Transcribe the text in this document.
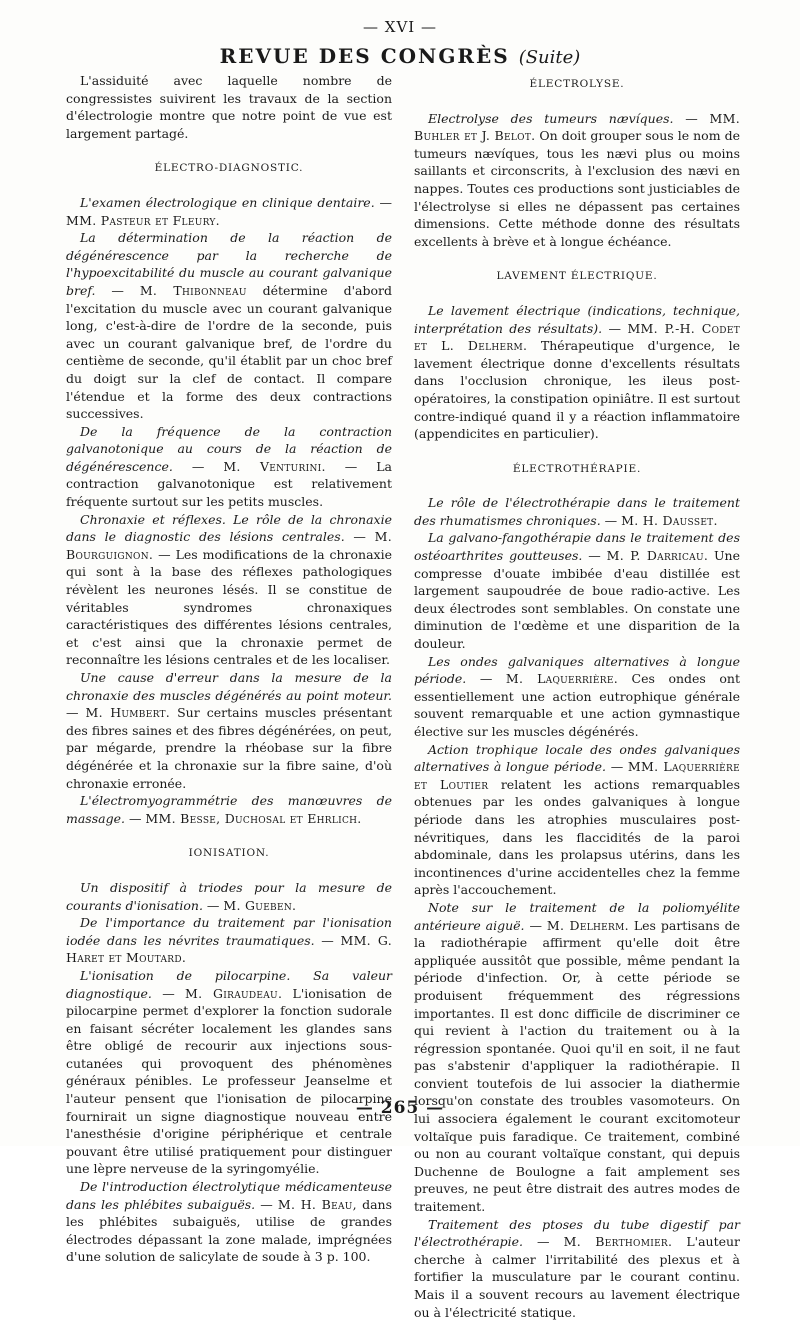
— XVI —
REVUE DES CONGRÈS (Suite)

L'assiduité avec laquelle nombre de congressistes suivirent les travaux de la section d'électrologie montre que notre point de vue est largement partagé.

ÉLECTRO-DIAGNOSTIC.

L'examen électrologique en clinique dentaire. — MM. Pasteur et Fleury.

La détermination de la réaction de dégénérescence par la recherche de l'hypoexcitabilité du muscle au courant galvanique bref. — M. Thibonneau détermine d'abord l'excitation du muscle avec un courant galvanique long, c'est-à-dire de l'ordre de la seconde, puis avec un courant galvanique bref, de l'ordre du centième de seconde, qu'il établit par un choc bref du doigt sur la clef de contact. Il compare l'étendue et la forme des deux contractions successives.

De la fréquence de la contraction galvanotonique au cours de la réaction de dégénérescence. — M. Venturini. — La contraction galvanotonique est relativement fréquente surtout sur les petits muscles.

Chronaxie et réflexes. Le rôle de la chronaxie dans le diagnostic des lésions centrales. — M. Bourguignon. — Les modifications de la chronaxie qui sont à la base des réflexes pathologiques révèlent les neurones lésés. Il se constitue de véritables syndromes chronaxiques caractéristiques des différentes lésions centrales, et c'est ainsi que la chronaxie permet de reconnaître les lésions centrales et de les localiser.

Une cause d'erreur dans la mesure de la chronaxie des muscles dégénérés au point moteur. — M. Humbert. Sur certains muscles présentant des fibres saines et des fibres dégénérées, on peut, par mégarde, prendre la rhéobase sur la fibre dégénérée et la chronaxie sur la fibre saine, d'où chronaxie erronée.

L'électromyogrammétrie des manœuvres de massage. — MM. Besse, Duchosal et Ehrlich.

IONISATION.

Un dispositif à triodes pour la mesure de courants d'ionisation. — M. Gueben.

De l'importance du traitement par l'ionisation iodée dans les névrites traumatiques. — MM. G. Haret et Moutard.

L'ionisation de pilocarpine. Sa valeur diagnostique. — M. Giraudeau. L'ionisation de pilocarpine permet d'explorer la fonction sudorale en faisant sécréter localement les glandes sans être obligé de recourir aux injections sous-cutanées qui provoquent des phénomènes généraux pénibles. Le professeur Jeanselme et l'auteur pensent que l'ionisation de pilocarpine fournirait un signe diagnostique nouveau entre l'anesthésie d'origine périphérique et centrale pouvant être utilisé pratiquement pour distinguer une lèpre nerveuse de la syringomyélie.

De l'introduction électrolytique médicamenteuse dans les phlébites subaiguës. — M. H. Beau, dans les phlébites subaiguës, utilise de grandes électrodes dépassant la zone malade, imprégnées d'une solution de salicylate de soude à 3 p. 100.

ÉLECTROLYSE.

Electrolyse des tumeurs nævíques. — MM. Buhler et J. Belot. On doit grouper sous le nom de tumeurs nævíques, tous les nævi plus ou moins saillants et circonscrits, à l'exclusion des nævi en nappes. Toutes ces productions sont justiciables de l'électrolyse si elles ne dépassent pas certaines dimensions. Cette méthode donne des résultats excellents à brève et à longue échéance.

LAVEMENT ÉLECTRIQUE.

Le lavement électrique (indications, technique, interprétation des résultats). — MM. P.-H. Codet et L. Delherm. Thérapeutique d'urgence, le lavement électrique donne d'excellents résultats dans l'occlusion chronique, les ileus post-opératoires, la constipation opiniâtre. Il est surtout contre-indiqué quand il y a réaction inflammatoire (appendicites en particulier).

ÉLECTROTHÉRAPIE.

Le rôle de l'électrothérapie dans le traitement des rhumatismes chroniques. — M. H. Dausset.

La galvano-fangothérapie dans le traitement des ostéoarthrites goutteuses. — M. P. Darricau. Une compresse d'ouate imbibée d'eau distillée est largement saupoudrée de boue radio-active. Les deux électrodes sont semblables. On constate une diminution de l'œdème et une disparition de la douleur.

Les ondes galvaniques alternatives à longue période. — M. Laquerrière. Ces ondes ont essentiellement une action eutrophique générale souvent remarquable et une action gymnastique élective sur les muscles dégénérés.

Action trophique locale des ondes galvaniques alternatives à longue période. — MM. Laquerrière et Loutier relatent les actions remarquables obtenues par les ondes galvaniques à longue période dans les atrophies musculaires post-névritiques, dans les flaccidités de la paroi abdominale, dans les prolapsus utérins, dans les incontinences d'urine accidentelles chez la femme après l'accouchement.

Note sur le traitement de la poliomyélite antérieure aiguë. — M. Delherm. Les partisans de la radiothérapie affirment qu'elle doit être appliquée aussitôt que possible, même pendant la période d'infection. Or, à cette période se produisent fréquemment des régressions importantes. Il est donc difficile de discriminer ce qui revient à l'action du traitement ou à la régression spontanée. Quoi qu'il en soit, il ne faut pas s'abstenir d'appliquer la radiothérapie. Il convient toutefois de lui associer la diathermie lorsqu'on constate des troubles vasomoteurs. On lui associera également le courant excitomoteur voltaïque puis faradique. Ce traitement, combiné ou non au courant voltaïque constant, qui depuis Duchenne de Boulogne a fait amplement ses preuves, ne peut être distrait des autres modes de traitement.

Traitement des ptoses du tube digestif par l'électrothérapie. — M. Berthomier. L'auteur cherche à calmer l'irritabilité des plexus et à fortifier la musculature par le courant continu. Mais il a souvent recours au lavement électrique ou à l'électricité statique.

— 265 —
